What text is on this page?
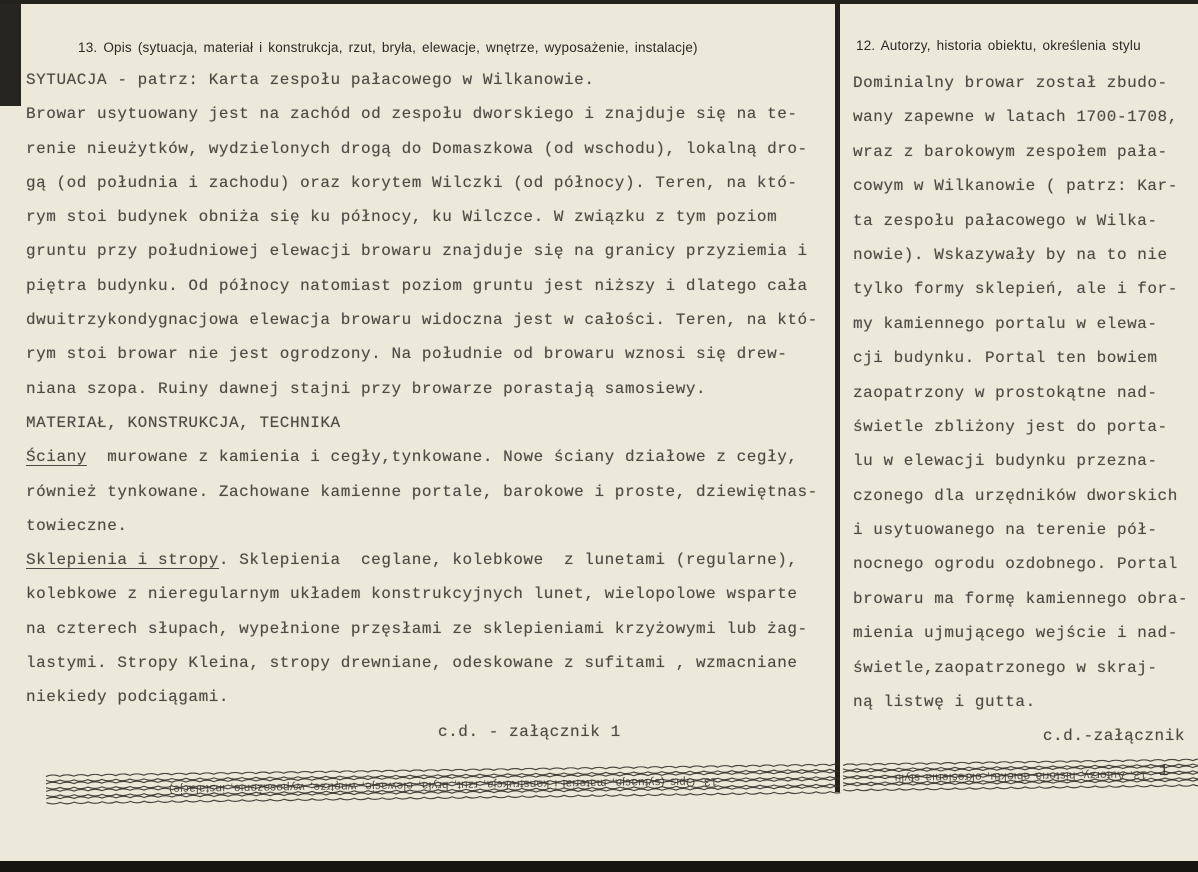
13. Opis (sytuacja, materiał i konstrukcja, rzut, bryła, elewacje, wnętrze, wyposażenie, instalacje)	12. Autorzy, historia obiektu, określenia stylu
SYTUACJA - patrz: Karta zespołu pałacowego w Wilkanowie.
Browar usytuowany jest na zachód od zespołu dworskiego i znajduje się na te-
renie nieużytków, wydzielonych drogą do Domaszkowa (od wschodu), lokalną dro-
gą (od południa i zachodu) oraz korytem Wilczki (od północy). Teren, na któ-
rym stoi budynek obniża się ku północy, ku Wilczce. W związku z tym poziom
gruntu przy południowej elewacji browaru znajduje się na granicy przyziemia i
piętra budynku. Od północy natomiast poziom gruntu jest niższy i dlatego cała
dwuitrzykondygnacjowa elewacja browaru widoczna jest w całości. Teren, na któ-
rym stoi browar nie jest ogrodzony. Na południe od browaru wznosi się drew-
niana szopa. Ruiny dawnej stajni przy browarze porastają samosiewy.
MATERIAŁ, KONSTRUKCJA, TECHNIKA
Ściany  murowane z kamienia i cegły,tynkowane. Nowe ściany działowe z cegły,
również tynkowane. Zachowane kamienne portale, barokowe i proste, dziewiętnas-
towieczne.
Sklepienia i stropy. Sklepienia  ceglane, kolebkowe  z lunetami (regularne),
kolebkowe z nieregularnym układem konstrukcyjnych lunet, wielopolowe wsparte
na czterech słupach, wypełnione przęsłami ze sklepieniami krzyżowymi lub żag-
lastymi. Stropy Kleina, stropy drewniane, odeskowane z sufitami , wzmacniane
niekiedy podciągami.
c.d. - załącznik 1
Dominialny browar został zbudo-
wany zapewne w latach 1700-1708,
wraz z barokowym zespołem pała-
cowym w Wilkanowie ( patrz: Kar-
ta zespołu pałacowego w Wilka-
nowie). Wskazywały by na to nie
tylko formy sklepień, ale i for-
my kamiennego portalu w elewa-
cji budynku. Portal ten bowiem
zaopatrzony w prostokątne nad-
świetle zbliżony jest do porta-
lu w elewacji budynku przezna-
czonego dla urzędników dworskich
i usytuowanego na terenie pół-
nocnego ogrodu ozdobnego. Portal
browaru ma formę kamiennego obra-
mienia ujmującego wejście i nad-
świetle,zaopatrzonego w skraj-
ną listwę i gutta.
c.d.-załącznik
1
13. Opis (sytuacja, materiał i konstrukcja, rzut, bryła, elewacje, wnętrze, wyposażenie, instalacje)	12. Autorzy, historia obiektu, określenia stylu
